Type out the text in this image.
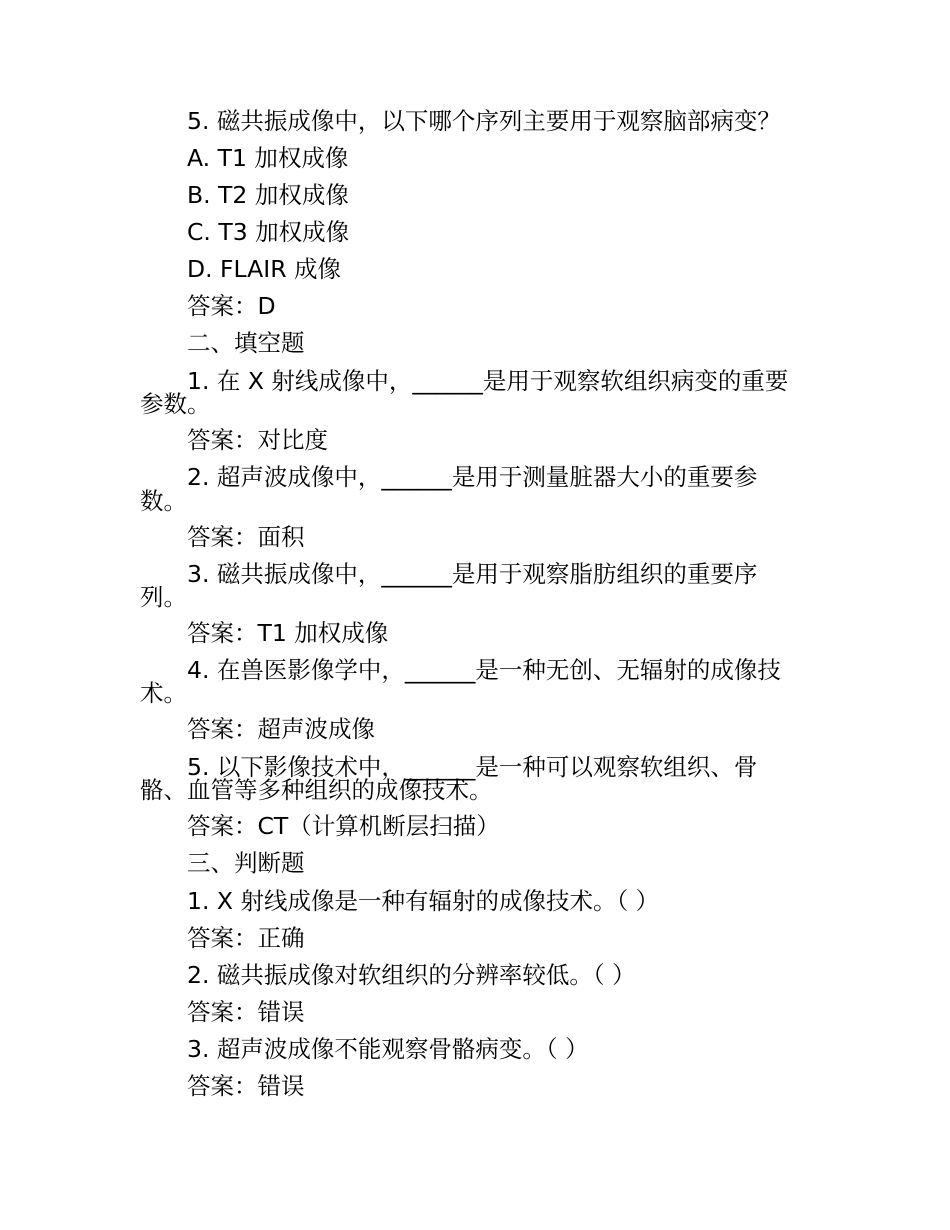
5. 磁共振成像中，以下哪个序列主要用于观察脑部病变？
A. T1 加权成像
B. T2 加权成像
C. T3 加权成像
D. FLAIR 成像
答案：D
二、填空题
1. 在 X 射线成像中，______是用于观察软组织病变的重要
参数。
答案：对比度
2. 超声波成像中，______是用于测量脏器大小的重要参
数。
答案：面积
3. 磁共振成像中，______是用于观察脂肪组织的重要序
列。
答案：T1 加权成像
4. 在兽医影像学中，______是一种无创、无辐射的成像技
术。
答案：超声波成像
5. 以下影像技术中，______是一种可以观察软组织、骨
骼、血管等多种组织的成像技术。
答案：CT（计算机断层扫描）
三、判断题
1. X 射线成像是一种有辐射的成像技术。（ ）
答案：正确
2. 磁共振成像对软组织的分辨率较低。（ ）
答案：错误
3. 超声波成像不能观察骨骼病变。（ ）
答案：错误
